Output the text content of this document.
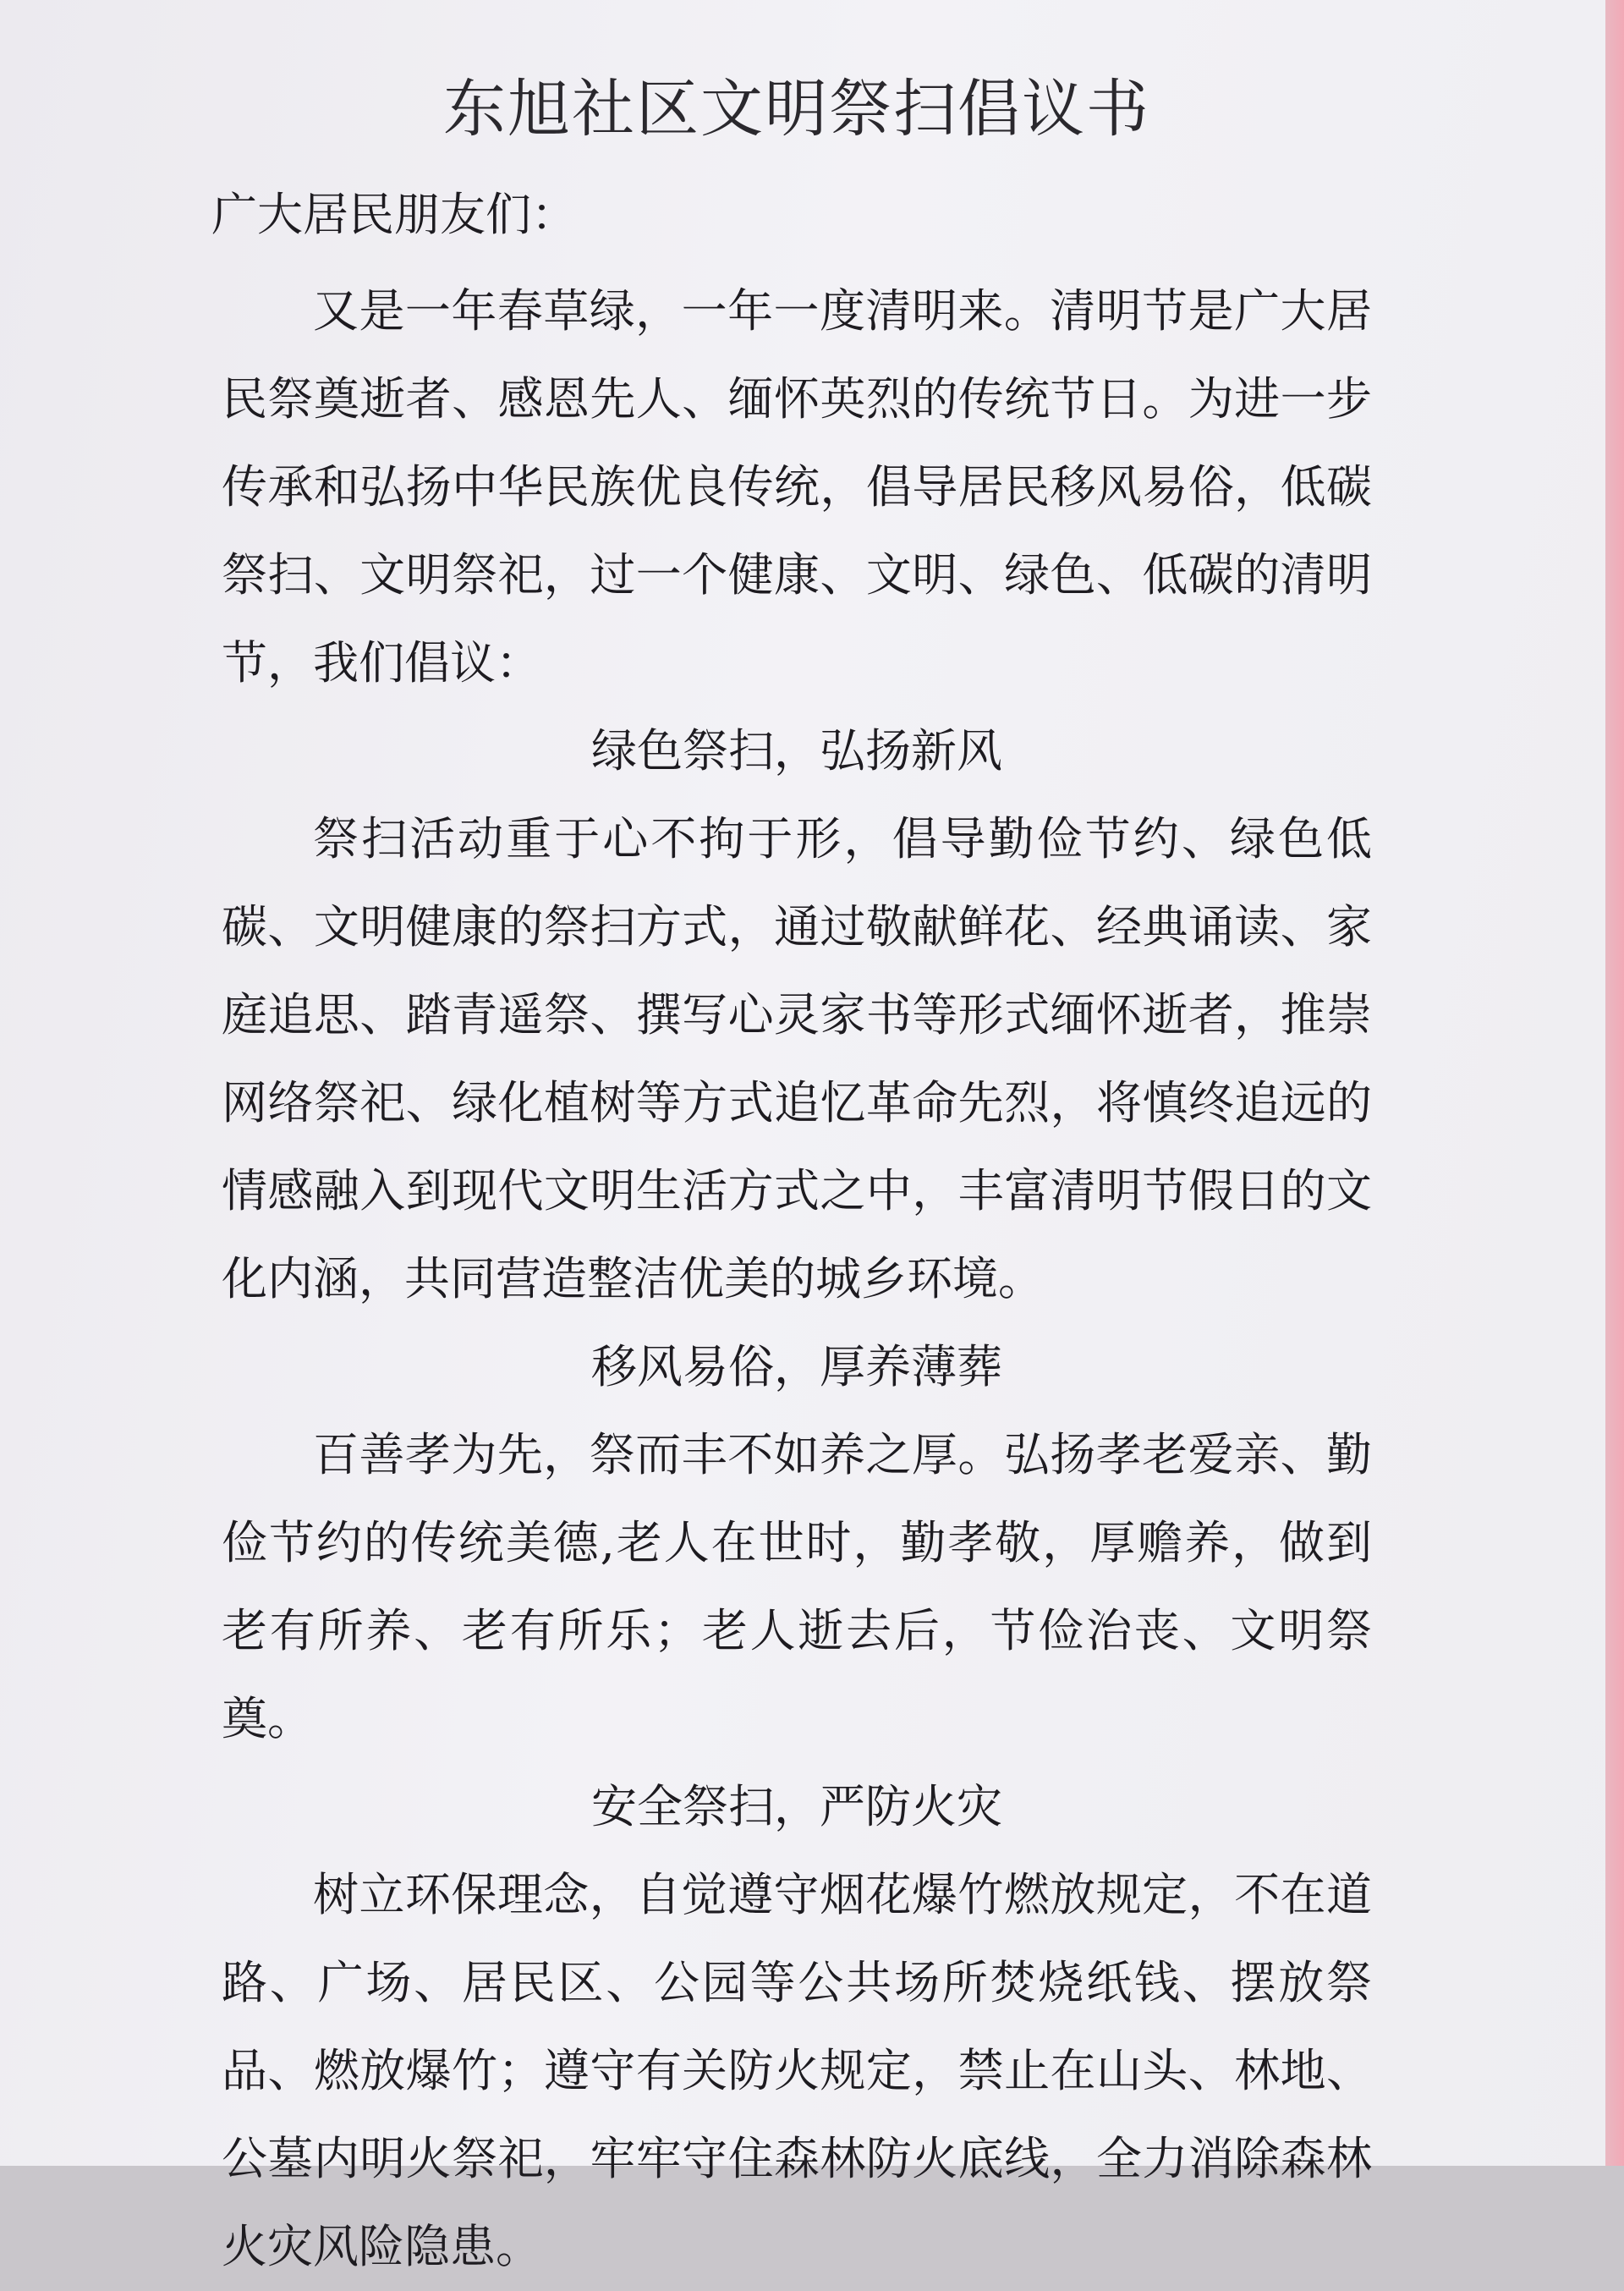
东旭社区文明祭扫倡议书
广大居民朋友们：

又是一年春草绿，一年一度清明来。清明节是广大居民祭奠逝者、感恩先人、缅怀英烈的传统节日。为进一步传承和弘扬中华民族优良传统，倡导居民移风易俗，低碳祭扫、文明祭祀，过一个健康、文明、绿色、低碳的清明节，我们倡议：

绿色祭扫，弘扬新风

祭扫活动重于心不拘于形，倡导勤俭节约、绿色低碳、文明健康的祭扫方式，通过敬献鲜花、经典诵读、家庭追思、踏青遥祭、撰写心灵家书等形式缅怀逝者，推崇网络祭祀、绿化植树等方式追忆革命先烈，将慎终追远的情感融入到现代文明生活方式之中，丰富清明节假日的文化内涵，共同营造整洁优美的城乡环境。

移风易俗，厚养薄葬

百善孝为先，祭而丰不如养之厚。弘扬孝老爱亲、勤俭节约的传统美德,老人在世时，勤孝敬，厚赡养，做到老有所养、老有所乐；老人逝去后，节俭治丧、文明祭奠。

安全祭扫，严防火灾

树立环保理念，自觉遵守烟花爆竹燃放规定，不在道路、广场、居民区、公园等公共场所焚烧纸钱、摆放祭品、燃放爆竹；遵守有关防火规定，禁止在山头、林地、公墓内明火祭祀，牢牢守住森林防火底线，全力消除森林火灾风险隐患。
